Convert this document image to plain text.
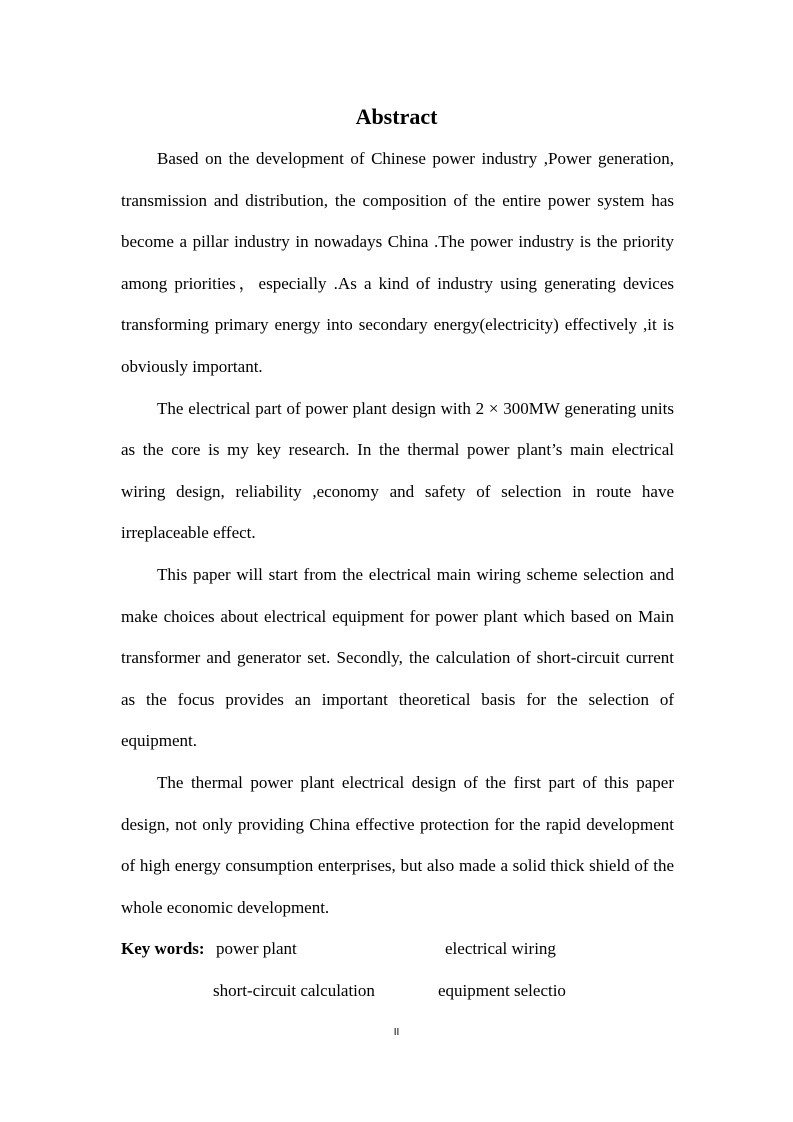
Abstract

Based on the development of Chinese power industry ,Power generation, transmission and distribution, the composition of the entire power system has become a pillar industry in nowadays China .The power industry is the priority among priorities，especially .As a kind of industry using generating devices transforming primary energy into secondary energy(electricity) effectively ,it is obviously important.

The electrical part of power plant design with 2 × 300MW generating units as the core is my key research. In the thermal power plant’s main electrical wiring design, reliability ,economy and safety of selection in route have irreplaceable effect.

This paper will start from the electrical main wiring scheme selection and make choices about electrical equipment for power plant which based on Main transformer and generator set. Secondly, the calculation of short-circuit current as the focus provides an important theoretical basis for the selection of equipment.

The thermal power plant electrical design of the first part of this paper design, not only providing China effective protection for the rapid development of high energy consumption enterprises, but also made a solid thick shield of the whole economic development.

Key words: power plant	electrical wiring
short-circuit calculation	equipment selectio
II
